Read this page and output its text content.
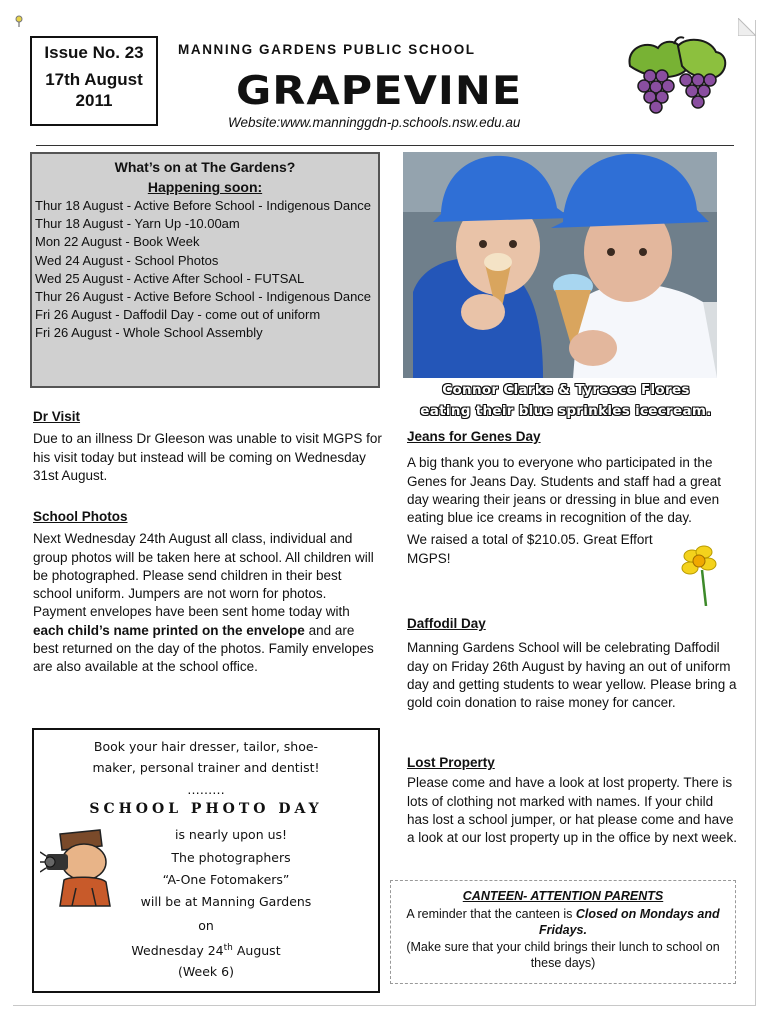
Issue No. 23
17th August 2011
MANNING GARDENS PUBLIC SCHOOL
GRAPEVINE
Website:www.manninggdn-p.schools.nsw.edu.au
What’s on at The Gardens?
Happening soon:
Thur 18 August - Active Before School - Indigenous Dance
Thur 18 August - Yarn Up -10.00am
Mon 22 August - Book Week
Wed 24 August - School Photos
Wed 25 August - Active After School - FUTSAL
Thur 26 August - Active Before School - Indigenous Dance
Fri 26 August - Daffodil Day - come out of uniform
Fri 26 August - Whole School Assembly
Connor Clarke & Tyreece Flores
eating their blue sprinkles icecream.
Dr Visit

Due to an illness Dr Gleeson was unable to visit MGPS for his visit today but instead will be coming on Wednesday 31st August.

School Photos

Next Wednesday 24th August all class, individual and group photos will be taken here at school. All children will be photographed. Please send children in their best school uniform. Jumpers are not worn for photos.

Payment envelopes have been sent home today with each child’s name printed on the envelope and are best returned on the day of the photos. Family envelopes are also available at the school office.

Book your hair dresser, tailor, shoe-
maker, personal trainer and dentist!
………
SCHOOL PHOTO DAY
is nearly upon us!
The photographers
“A-One Fotomakers”
will be at Manning Gardens
on
Wednesday 24th August
(Week 6)
Jeans for Genes Day

A big thank you to everyone who participated in the Genes for Jeans Day. Students and staff had a great day wearing their jeans or dressing in blue and even eating blue ice creams in recognition of the day.

We raised a total of $210.05. Great Effort MGPS!

Daffodil Day

Manning Gardens School will be celebrating Daffodil day on Friday 26th August by having an out of uniform day and getting students to wear yellow. Please bring a gold coin donation to raise money for cancer.

Lost Property

Please come and have a look at lost property. There is lots of clothing not marked with names. If your child has lost a school jumper, or hat please come and have a look at our lost property up in the office by next week.

CANTEEN- ATTENTION PARENTS
A reminder that the canteen is Closed on Mondays and Fridays.
(Make sure that your child brings their lunch to school on these days)
